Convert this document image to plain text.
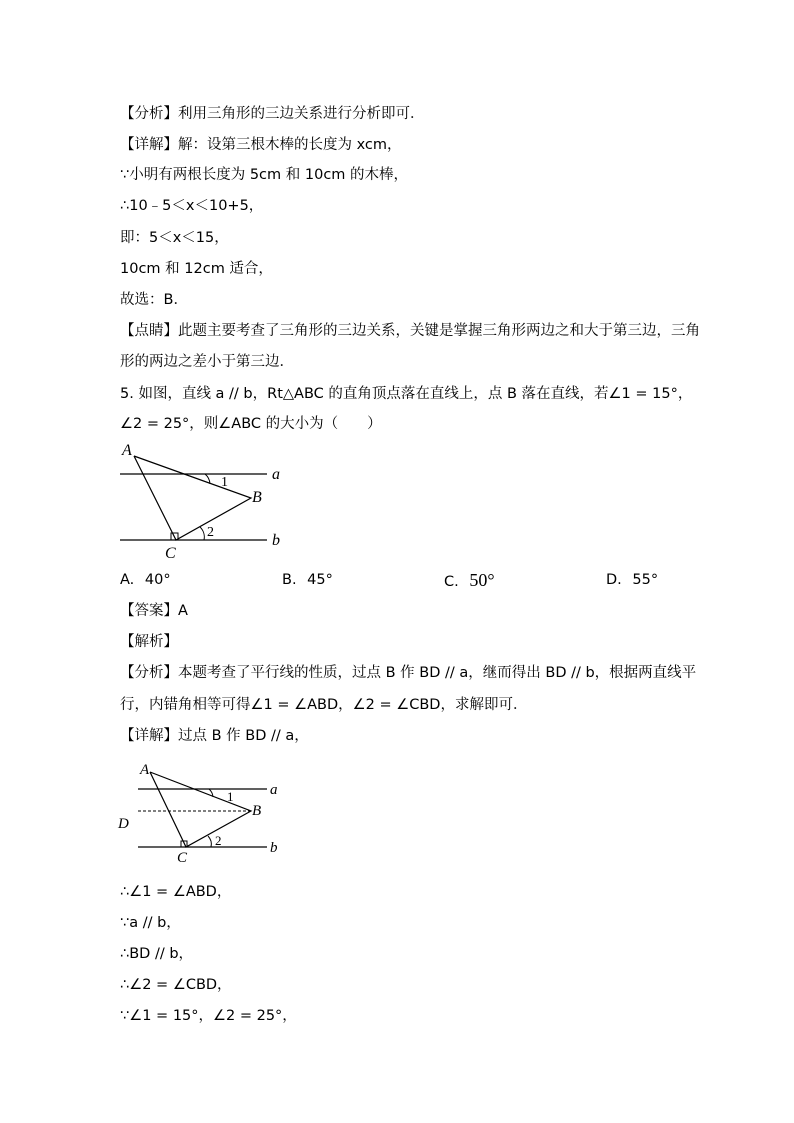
【分析】利用三角形的三边关系进行分析即可．
【详解】解：设第三根木棒的长度为 xcm，
∵小明有两根长度为 5cm 和 10cm 的木棒，
∴10﹣5＜x＜10+5，
即：5＜x＜15，
10cm 和 12cm 适合，
故选：B．
【点睛】此题主要考查了三角形的三边关系，关键是掌握三角形两边之和大于第三边，三角
形的两边之差小于第三边．
5. 如图，直线 a // b，Rt△ABC 的直角顶点落在直线上，点 B 落在直线，若∠1 = 15°，
∠2 = 25°，则∠ABC 的大小为（　　）
A
B
C
a
b
1
2
A. 40°	B. 45°	C. 50°	D. 55°
【答案】A
【解析】
【分析】本题考查了平行线的性质，过点 B 作 BD // a，继而得出 BD // b，根据两直线平
行，内错角相等可得∠1 = ∠ABD，∠2 = ∠CBD，求解即可．
【详解】过点 B 作 BD // a，
A
B
C
D
a
b
1
2
∴∠1 = ∠ABD，
∵a // b，
∴BD // b，
∴∠2 = ∠CBD，
∵∠1 = 15°，∠2 = 25°，
